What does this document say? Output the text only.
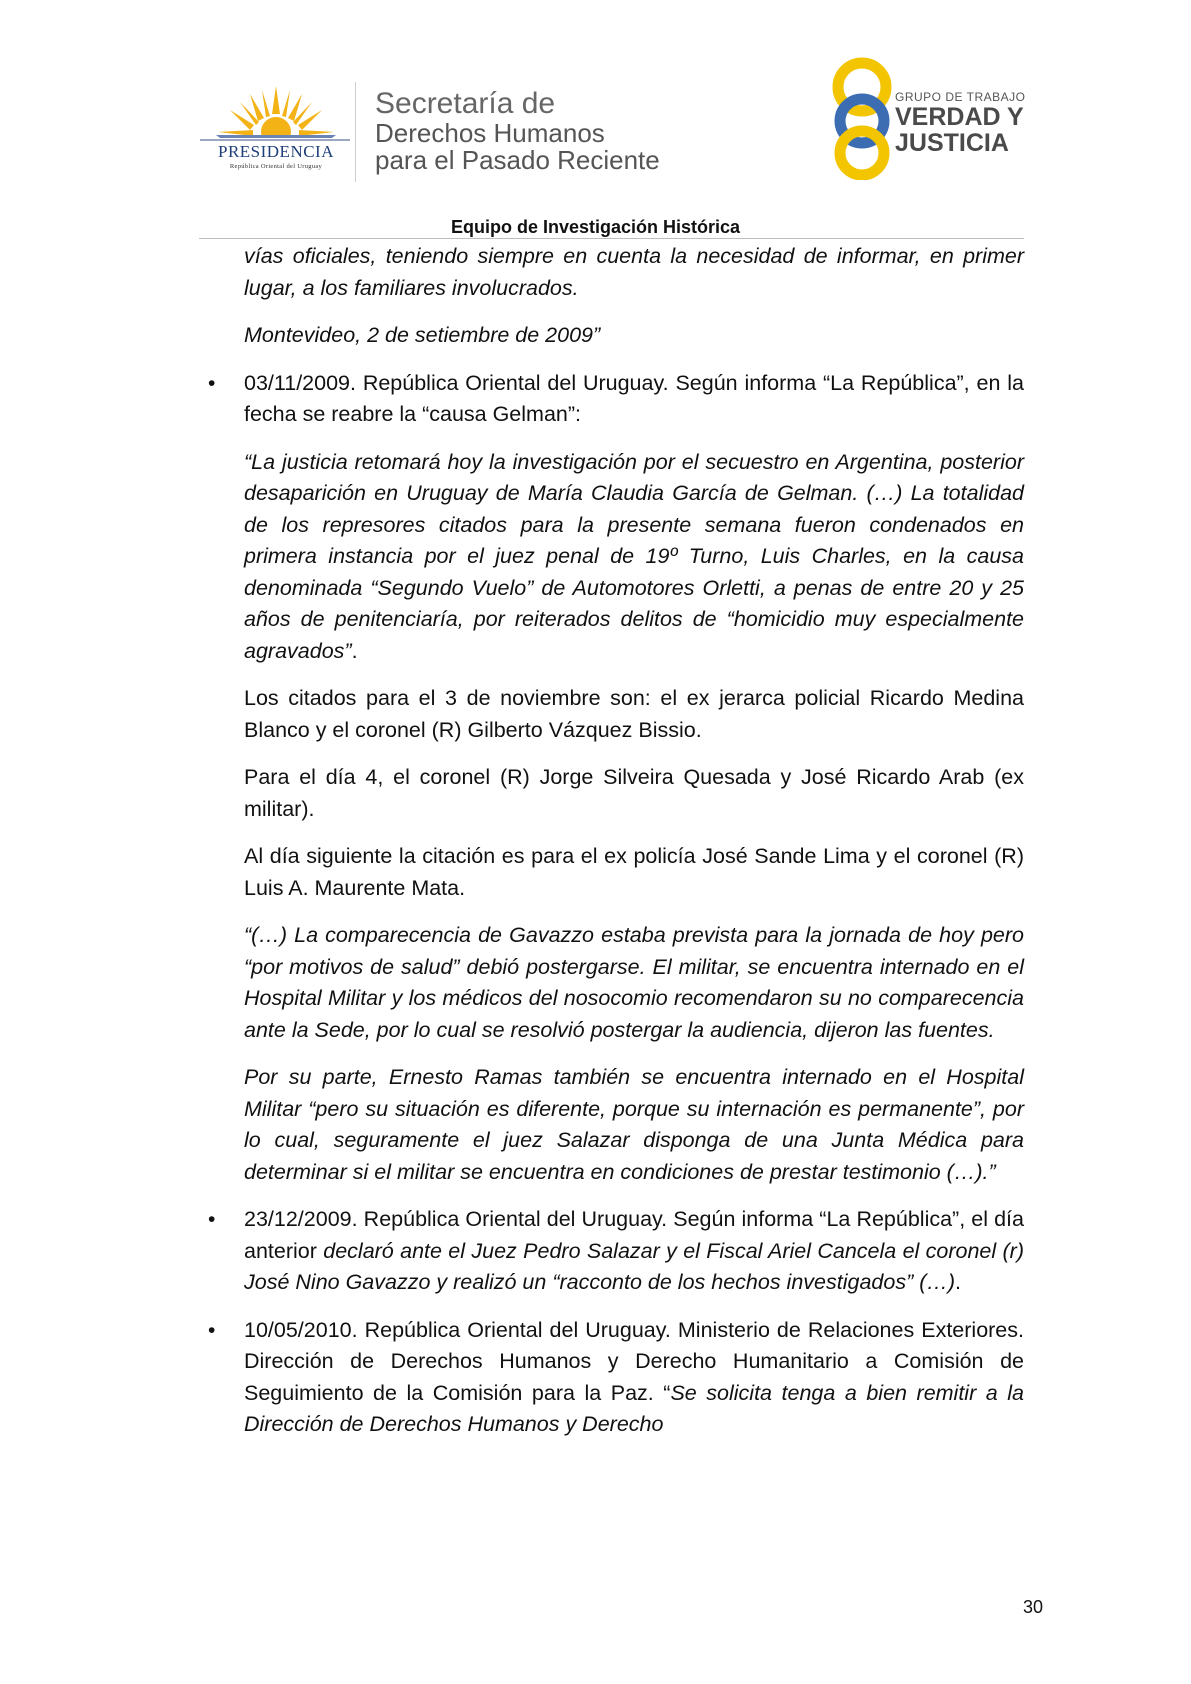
PRESIDENCIA
República Oriental del Uruguay
Secretaría de
Derechos Humanos
para el Pasado Reciente
GRUPO DE TRABAJO
VERDAD Y
JUSTICIA
Equipo de Investigación Histórica

vías oficiales, teniendo siempre en cuenta la necesidad de informar, en primer lugar, a los familiares involucrados.

Montevideo, 2 de setiembre de 2009”

• 03/11/2009. República Oriental del Uruguay. Según informa “La República”, en la fecha se reabre la “causa Gelman”:

“La justicia retomará hoy la investigación por el secuestro en Argentina, posterior desaparición en Uruguay de María Claudia García de Gelman. (…) La totalidad de los represores citados para la presente semana fueron condenados en primera instancia por el juez penal de 19º Turno, Luis Charles, en la causa denominada “Segundo Vuelo” de Automotores Orletti, a penas de entre 20 y 25 años de penitenciaría, por reiterados delitos de “homicidio muy especialmente agravados”.

Los citados para el 3 de noviembre son: el ex jerarca policial Ricardo Medina Blanco y el coronel (R) Gilberto Vázquez Bissio.

Para el día 4, el coronel (R) Jorge Silveira Quesada y José Ricardo Arab (ex militar).

Al día siguiente la citación es para el ex policía José Sande Lima y el coronel (R) Luis A. Maurente Mata.

“(…) La comparecencia de Gavazzo estaba prevista para la jornada de hoy pero “por motivos de salud” debió postergarse. El militar, se encuentra internado en el Hospital Militar y los médicos del nosocomio recomendaron su no comparecencia ante la Sede, por lo cual se resolvió postergar la audiencia, dijeron las fuentes.

Por su parte, Ernesto Ramas también se encuentra internado en el Hospital Militar “pero su situación es diferente, porque su internación es permanente”, por lo cual, seguramente el juez Salazar disponga de una Junta Médica para determinar si el militar se encuentra en condiciones de prestar testimonio (…).”

• 23/12/2009. República Oriental del Uruguay. Según informa “La República”, el día anterior declaró ante el Juez Pedro Salazar y el Fiscal Ariel Cancela el coronel (r) José Nino Gavazzo y realizó un “racconto de los hechos investigados” (…).
• 10/05/2010. República Oriental del Uruguay. Ministerio de Relaciones Exteriores. Dirección de Derechos Humanos y Derecho Humanitario a Comisión de Seguimiento de la Comisión para la Paz. “Se solicita tenga a bien remitir a la Dirección de Derechos Humanos y Derecho
30
